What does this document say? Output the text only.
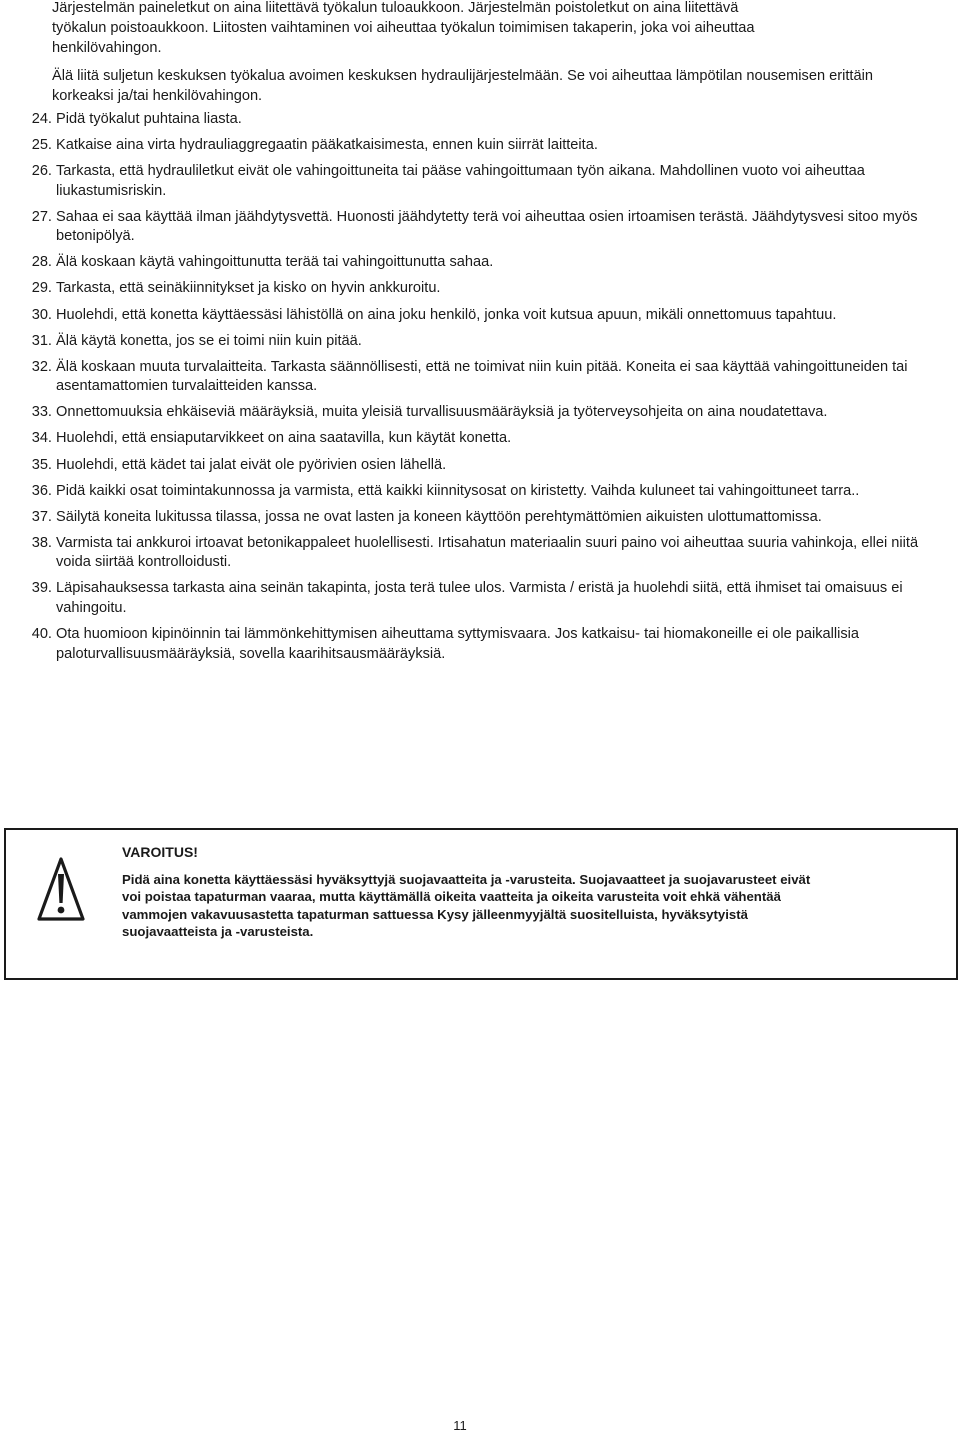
Järjestelmän paineletkut on aina liitettävä työkalun tuloaukkoon. Järjestelmän poistoletkut on aina liitettävä

työkalun poistoaukkoon. Liitosten vaihtaminen voi aiheuttaa työkalun toimimisen takaperin, joka voi aiheuttaa

henkilövahingon.

Älä liitä suljetun keskuksen työkalua avoimen keskuksen hydraulijärjestelmään. Se voi aiheuttaa lämpötilan nousemisen erittäin korkeaksi ja/tai henkilövahingon.

24. Pidä työkalut puhtaina liasta.
25. Katkaise aina virta hydrauliaggregaatin pääkatkaisimesta, ennen kuin siirrät laitteita.
26. Tarkasta, että hydrauliletkut eivät ole vahingoittuneita tai pääse vahingoittumaan työn aikana. Mahdollinen vuoto voi aiheuttaa liukastumisriskin.
27. Sahaa ei saa käyttää ilman jäähdytysvettä. Huonosti jäähdytetty terä voi aiheuttaa osien irtoamisen terästä. Jäähdytysvesi sitoo myös betonipölyä.
28. Älä koskaan käytä vahingoittunutta terää tai vahingoittunutta sahaa.
29. Tarkasta, että seinäkiinnitykset ja kisko on hyvin ankkuroitu.
30. Huolehdi, että konetta käyttäessäsi lähistöllä on aina joku henkilö, jonka voit kutsua apuun, mikäli onnettomuus tapahtuu.
31. Älä käytä konetta, jos se ei toimi niin kuin pitää.
32. Älä koskaan muuta turvalaitteita. Tarkasta säännöllisesti, että ne toimivat niin kuin pitää. Koneita ei saa käyttää vahingoittuneiden tai asentamattomien turvalaitteiden kanssa.
33. Onnettomuuksia ehkäiseviä määräyksiä, muita yleisiä turvallisuusmääräyksiä ja työterveysohjeita on aina noudatettava.
34. Huolehdi, että ensiaputarvikkeet on aina saatavilla, kun käytät konetta.
35. Huolehdi, että kädet tai jalat eivät ole pyörivien osien lähellä.
36. Pidä kaikki osat toimintakunnossa ja varmista, että kaikki kiinnitysosat on kiristetty. Vaihda kuluneet tai vahingoittuneet tarra..
37. Säilytä koneita lukitussa tilassa, jossa ne ovat lasten ja koneen käyttöön perehtymättömien aikuisten ulottumattomissa.
38. Varmista tai ankkuroi irtoavat betonikappaleet huolellisesti. Irtisahatun materiaalin suuri paino voi aiheuttaa suuria vahinkoja, ellei niitä voida siirtää kontrolloidusti.
39. Läpisahauksessa tarkasta aina seinän takapinta, josta terä tulee ulos. Varmista / eristä ja huolehdi siitä, että ihmiset tai omaisuus ei vahingoitu.
40. Ota huomioon kipinöinnin tai lämmönkehittymisen aiheuttama syttymisvaara. Jos katkaisu- tai hiomakoneille ei ole paikallisia paloturvallisuusmääräyksiä, sovella kaarihitsausmääräyksiä.

VAROITUS!

Pidä aina konetta käyttäessäsi hyväksyttyjä suojavaatteita ja -varusteita. Suojavaatteet ja suojavarusteet eivät voi poistaa tapaturman vaaraa, mutta käyttämällä oikeita vaatteita ja oikeita varusteita voit ehkä vähentää vammojen vakavuusastetta tapaturman sattuessa Kysy jälleenmyyjältä suositelluista, hyväksytyistä suojavaatteista ja -varusteista.

11
